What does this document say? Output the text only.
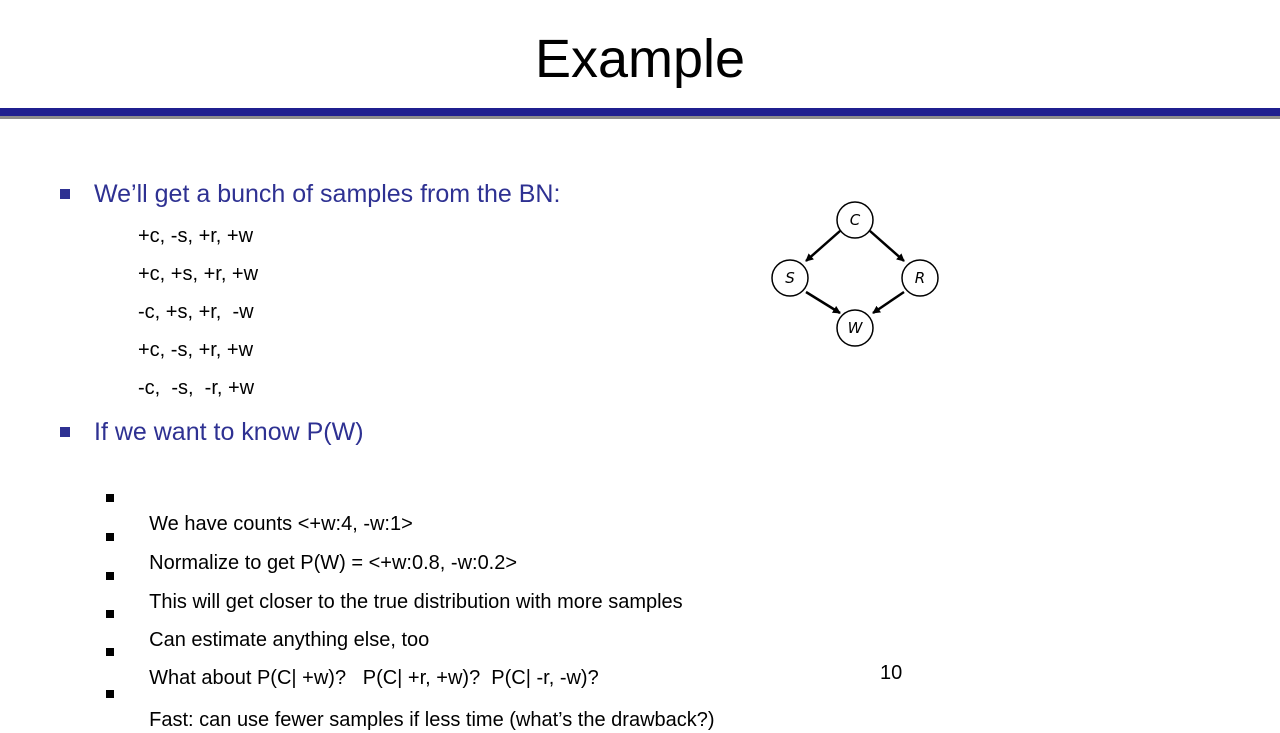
Example
We’ll get a bunch of samples from the BN:
+c, -s, +r, +w
+c, +s, +r, +w
-c, +s, +r,  -w
+c, -s, +r, +w
-c,  -s,  -r, +w
If we want to know P(W)

We have counts <+w:4, -w:1>

Normalize to get P(W) = <+w:0.8, -w:0.2>

This will get closer to the true distribution with more samples

Can estimate anything else, too

What about P(C| +w)?   P(C| +r, +w)?  P(C| -r, -w)?

Fast: can use fewer samples if less time (what’s the drawback?)

10
C
S	R
W
